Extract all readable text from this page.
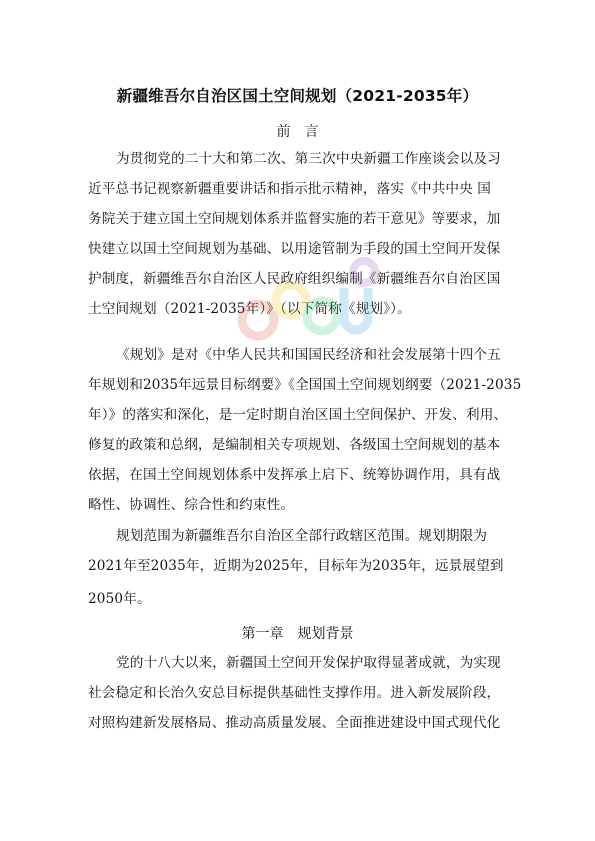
新疆维吾尔自治区国土空间规划（2021-2035年）
前　言
为贯彻党的二十大和第二次、第三次中央新疆工作座谈会以及习
近平总书记视察新疆重要讲话和指示批示精神，落实《中共中央 国
务院关于建立国土空间规划体系并监督实施的若干意见》等要求，加
快建立以国土空间规划为基础、以用途管制为手段的国土空间开发保
护制度，新疆维吾尔自治区人民政府组织编制《新疆维吾尔自治区国
土空间规划（2021-2035年）》（以下简称《规划》）。
《规划》是对《中华人民共和国国民经济和社会发展第十四个五
年规划和2035年远景目标纲要》《全国国土空间规划纲要（2021-2035
年）》的落实和深化，是一定时期自治区国土空间保护、开发、利用、
修复的政策和总纲，是编制相关专项规划、各级国土空间规划的基本
依据，在国土空间规划体系中发挥承上启下、统筹协调作用，具有战
略性、协调性、综合性和约束性。
规划范围为新疆维吾尔自治区全部行政辖区范围。规划期限为
2021年至2035年，近期为2025年，目标年为2035年，远景展望到
2050年。
第一章　规划背景
党的十八大以来，新疆国土空间开发保护取得显著成就，为实现
社会稳定和长治久安总目标提供基础性支撑作用。进入新发展阶段，
对照构建新发展格局、推动高质量发展、全面推进建设中国式现代化
